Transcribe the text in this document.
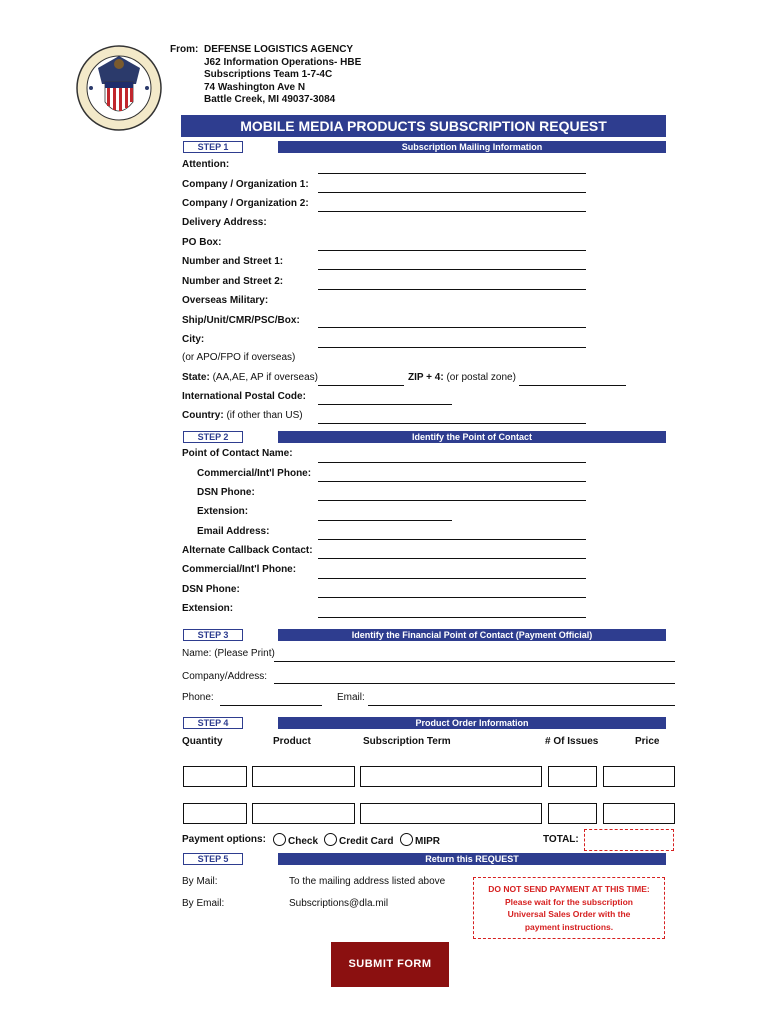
From: DEFENSE LOGISTICS AGENCY
J62 Information Operations- HBE
Subscriptions Team 1-7-4C
74 Washington Ave N
Battle Creek, MI 49037-3084
MOBILE MEDIA PRODUCTS SUBSCRIPTION REQUEST
STEP 1	Subscription Mailing Information
Attention:
Company / Organization 1:
Company / Organization 2:
Delivery Address:
PO Box:
Number and Street 1:
Number and Street 2:
Overseas Military:
Ship/Unit/CMR/PSC/Box:
City:
(or APO/FPO if overseas)
State: (AA,AE, AP if overseas)	ZIP + 4: (or postal zone)
International Postal Code:
Country: (if other than US)
STEP 2	Identify the Point of Contact
Point of Contact Name:
Commercial/Int'l Phone:
DSN Phone:
Extension:
Email Address:
Alternate Callback Contact:
Commercial/Int'l Phone:
DSN Phone:
Extension:
STEP 3	Identify the Financial Point of Contact (Payment Official)
Name: (Please Print)
Company/Address:
Phone:	Email:
STEP 4	Product Order Information
Quantity	Product	Subscription Term	# Of Issues	Price
Payment options:	Check	Credit Card	MIPR	TOTAL:
STEP 5	Return this REQUEST
By Mail:	To the mailing address listed above
By Email:	Subscriptions@dla.mil
DO NOT SEND PAYMENT AT THIS TIME:
Please wait for the subscription
Universal Sales Order with the
payment instructions.
SUBMIT FORM
